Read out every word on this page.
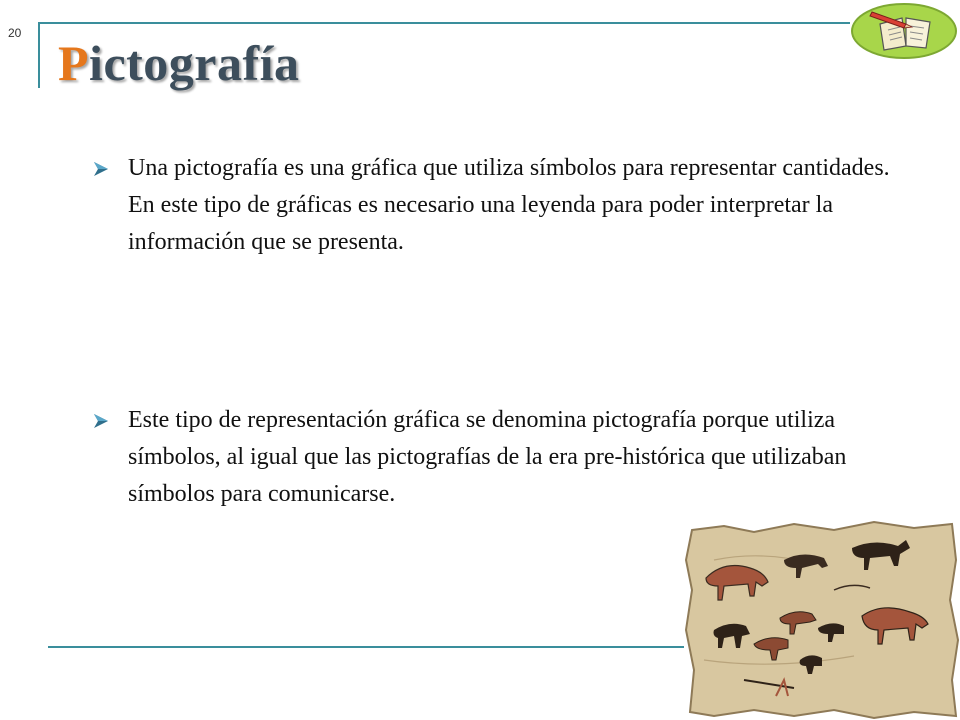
20
Pictografía
Una pictografía es una gráfica que utiliza símbolos para representar cantidades. En este tipo de gráficas es necesario una leyenda para poder interpretar la información que se presenta.
Este tipo de representación gráfica se denomina pictografía porque utiliza símbolos, al igual que las pictografías de la era pre-histórica que utilizaban símbolos para comunicarse.
